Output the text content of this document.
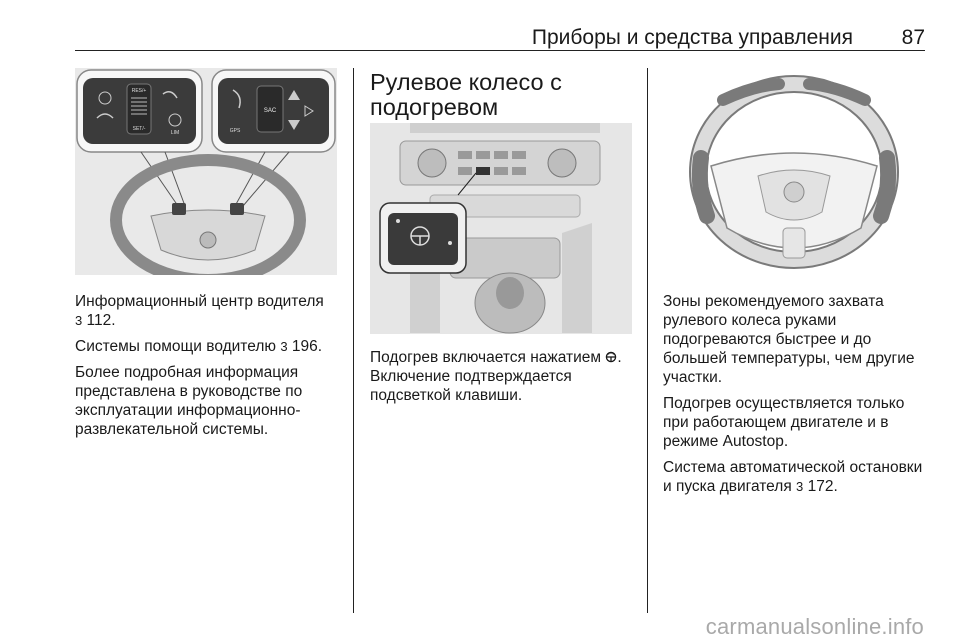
Приборы и средства управления 87
RES/+
SET/-
LIM
SAC
GPS

Информационный центр водителя
3 112.

Системы помощи водителю 3 196.

Более подробная информация представлена в руководстве по эксплуатации информационно-развлекательной системы.

Рулевое колесо с подогревом

Подогрев включается нажатием . Включение подтверждается подсветкой клавиши.

Зоны рекомендуемого захвата рулевого колеса руками подогреваются быстрее и до большей температуры, чем другие участки.

Подогрев осуществляется только при работающем двигателе и в режиме Autostop.

Система автоматической остановки и пуска двигателя 3 172.

carmanualsonline.info
